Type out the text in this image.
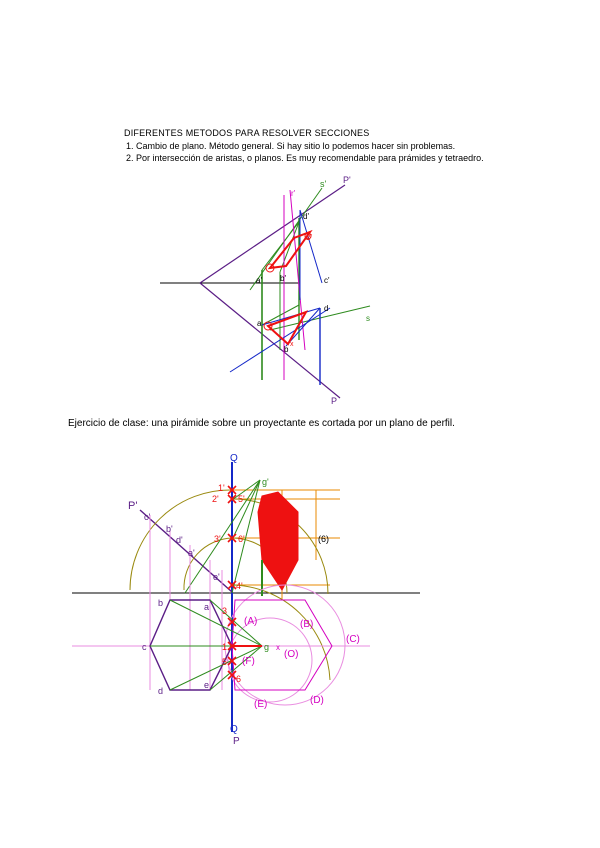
DIFERENTES METODOS PARA RESOLVER SECCIONES
1. Cambio de plano. Método general. Si hay sitio lo podemos hacer sin problemas.
2. Por intersección de aristas, o planos. Es muy recomendable para prámides y tetraedro.
Ejercicio de clase: una pirámide sobre un proyectante es cortada por un plano de perfil.
P'
s'
r'
d'
2'
c'
a' b'
s
d
a
b
x
P
Q
g'
P'
c'
b'
d'
a'
e'
1'
2' 5'
3' 6'
4'
(6)
b	a
c
d
e
g
3
1
5
6
(A)	(B)
(C)
(O)
(F)
(E)	(D)
x
Q
P
